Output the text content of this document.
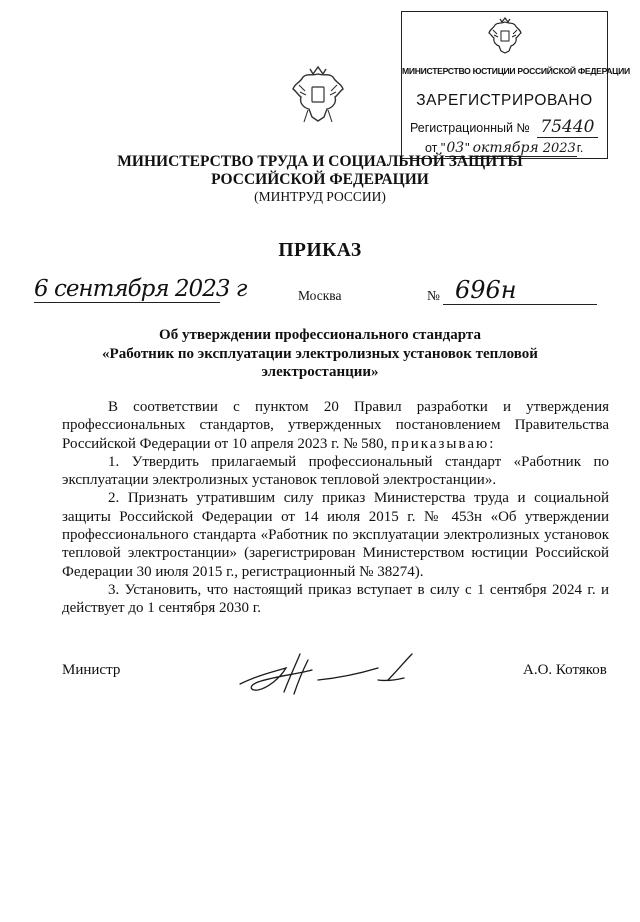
МИНИСТЕРСТВО ЮСТИЦИИ РОССИЙСКОЙ ФЕДЕРАЦИИ
ЗАРЕГИСТРИРОВАНО
Регистрационный № 75440
от "03" октября 2023г.
МИНИСТЕРСТВО ТРУДА И СОЦИАЛЬНОЙ ЗАЩИТЫ
РОССИЙСКОЙ ФЕДЕРАЦИИ
(МИНТРУД РОССИИ)
ПРИКАЗ
6 сентября 2023 г	Москва	№ 696н
Об утверждении профессионального стандарта
«Работник по эксплуатации электролизных установок тепловой
электростанции»

В соответствии с пунктом 20 Правил разработки и утверждения профессиональных стандартов, утвержденных постановлением Правительства Российской Федерации от 10 апреля 2023 г. № 580, приказываю:

1. Утвердить прилагаемый профессиональный стандарт «Работник по эксплуатации электролизных установок тепловой электростанции».

2. Признать утратившим силу приказ Министерства труда и социальной защиты Российской Федерации от 14 июля 2015 г. № 453н «Об утверждении профессионального стандарта «Работник по эксплуатации электролизных установок тепловой электростанции» (зарегистрирован Министерством юстиции Российской Федерации 30 июля 2015 г., регистрационный № 38274).

3. Установить, что настоящий приказ вступает в силу с 1 сентября 2024 г. и действует до 1 сентября 2030 г.

Министр	А.О. Котяков
